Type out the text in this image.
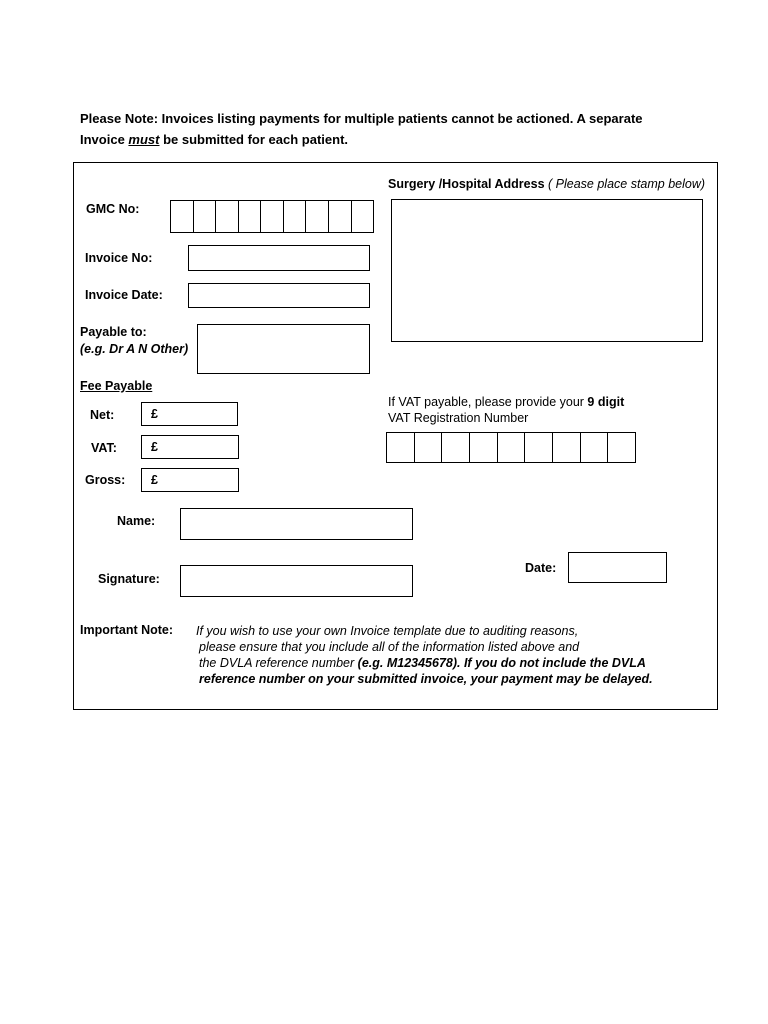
Please Note: Invoices listing payments for multiple patients cannot be actioned. A separate
Invoice must be submitted for each patient.
GMC No:
Invoice No:
Invoice Date:
Payable to:
(e.g. Dr A N Other)
Surgery /Hospital Address ( Please place stamp below)
Fee Payable
Net:	£
VAT:	£
Gross:	£
If VAT payable, please provide your 9 digit
VAT Registration Number
Name:
Signature:
Date:
Important Note: If you wish to use your own Invoice template due to auditing reasons,
please ensure that you include all of the information listed above and
the DVLA reference number (e.g. M12345678). If you do not include the DVLA
reference number on your submitted invoice, your payment may be delayed.
